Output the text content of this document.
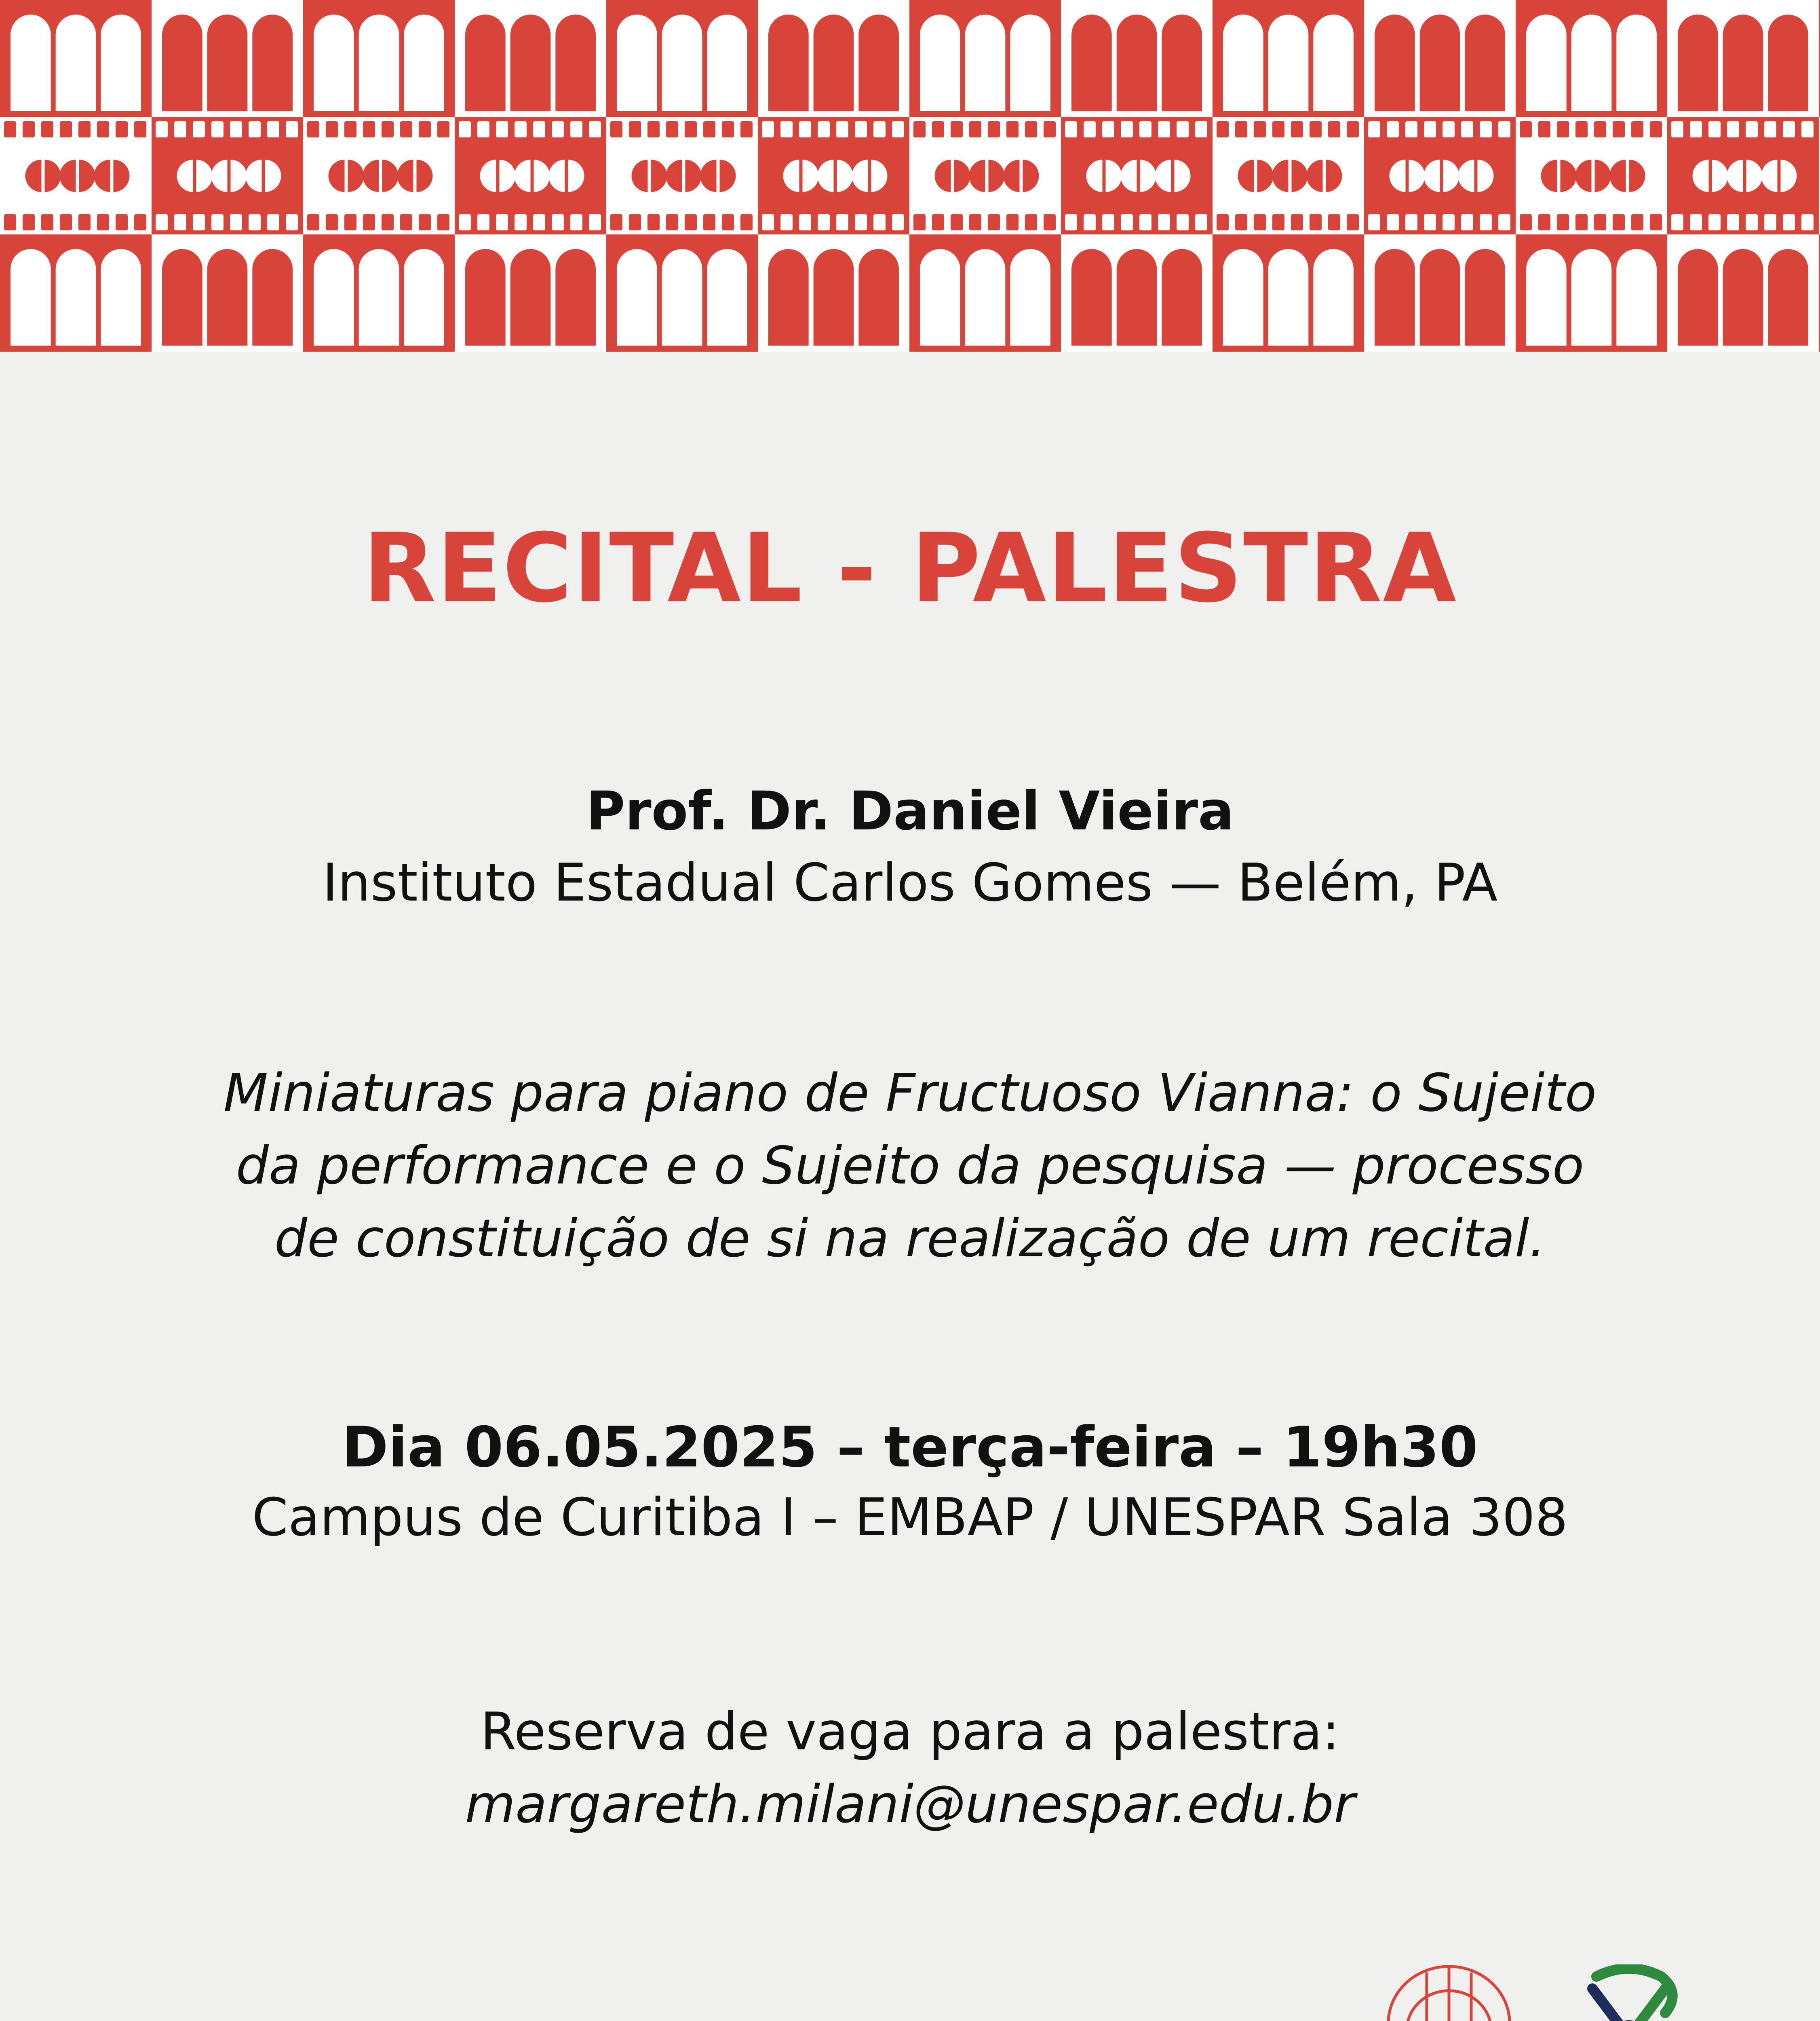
RECITAL - PALESTRA
Prof. Dr. Daniel Vieira
Instituto Estadual Carlos Gomes — Belém, PA
Miniaturas para piano de Fructuoso Vianna: o Sujeito
da performance e o Sujeito da pesquisa — processo
de constituição de si na realização de um recital.
Dia 06.05.2025 – terça-feira – 19h30
Campus de Curitiba I – EMBAP / UNESPAR Sala 308
Reserva de vaga para a palestra:
margareth.milani@unespar.edu.br
